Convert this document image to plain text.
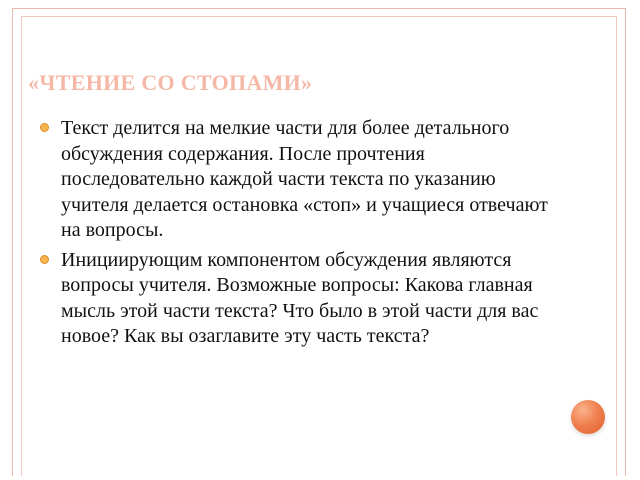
«ЧТЕНИЕ СО СТОПАМИ»
Текст делится на мелкие части для более детального обсуждения содержания. После прочтения последовательно каждой части текста по указанию учителя делается остановка «стоп» и учащиеся отвечают на вопросы.
Инициирующим компонентом обсуждения являются вопросы учителя. Возможные вопросы: Какова главная мысль этой части текста? Что было в этой части для вас новое? Как вы озаглавите эту часть текста?
